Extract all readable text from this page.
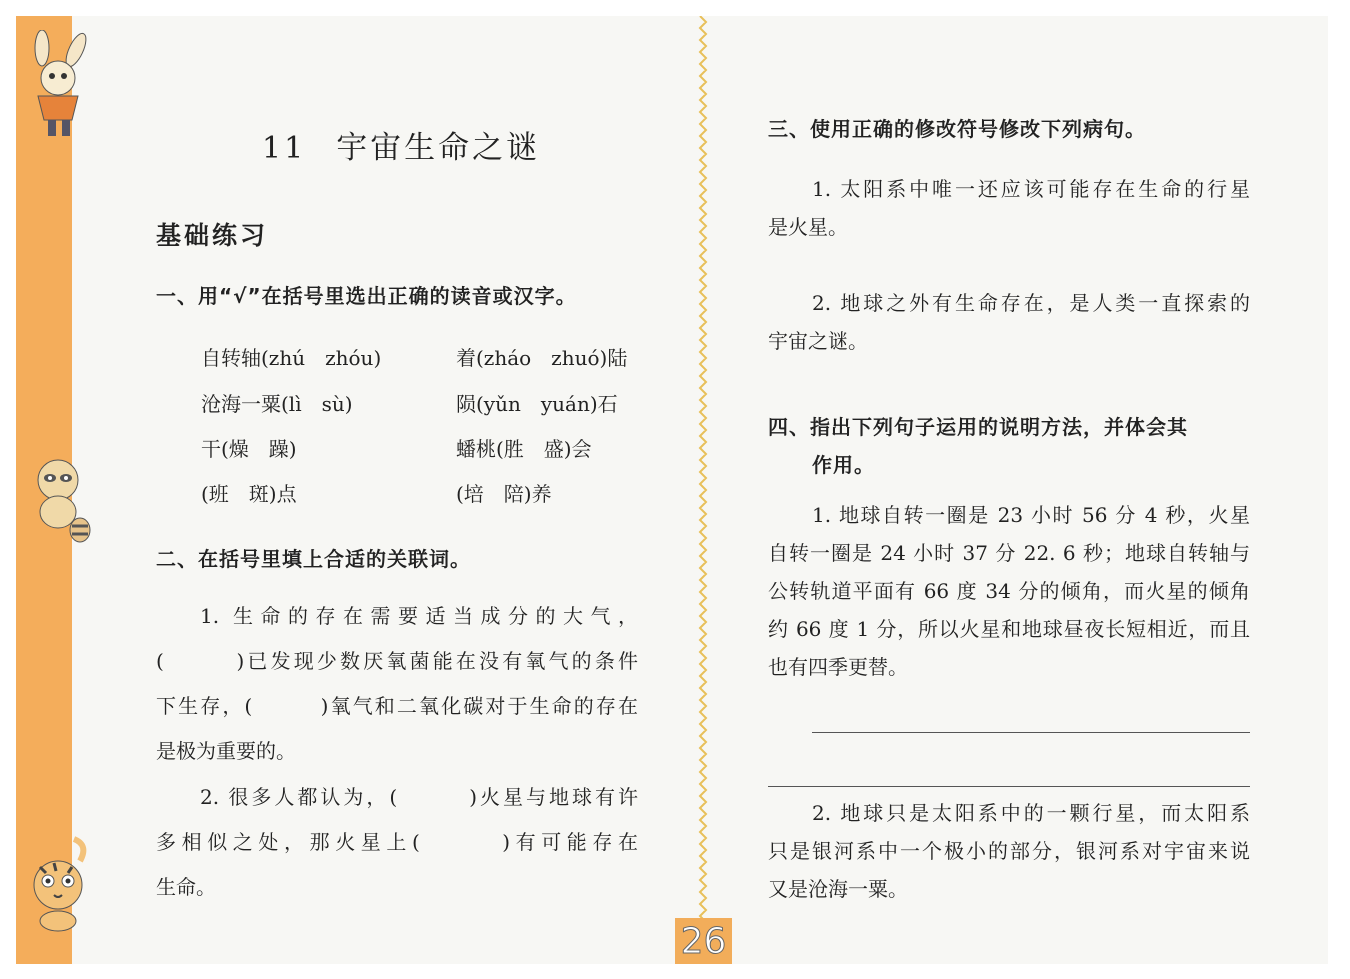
11 宇宙生命之谜
基础练习
一、用“√”在括号里选出正确的读音或汉字。
自转轴(zhú　zhóu)	着(zháo　zhuó)陆
沧海一粟(lì　sù)	陨(yǔn　yuán)石
干(燥　躁)	蟠桃(胜　盛)会
(班　斑)点	(培　陪)养
二、在括号里填上合适的关联词。
1. 生命的存在需要适当成分的大气，
(　　　)已发现少数厌氧菌能在没有氧气的条件
下生存，(　　　)氧气和二氧化碳对于生命的存在
是极为重要的。
2. 很多人都认为，(　　　)火星与地球有许
多相似之处，那火星上(　　　)有可能存在
生命。
三、使用正确的修改符号修改下列病句。
1. 太阳系中唯一还应该可能存在生命的行星
是火星。
2. 地球之外有生命存在，是人类一直探索的
宇宙之谜。
四、指出下列句子运用的说明方法，并体会其
作用。
1. 地球自转一圈是 23 小时 56 分 4 秒，火星
自转一圈是 24 小时 37 分 22. 6 秒；地球自转轴与
公转轨道平面有 66 度 34 分的倾角，而火星的倾角
约 66 度 1 分，所以火星和地球昼夜长短相近，而且
也有四季更替。
2. 地球只是太阳系中的一颗行星，而太阳系
只是银河系中一个极小的部分，银河系对宇宙来说
又是沧海一粟。
26
